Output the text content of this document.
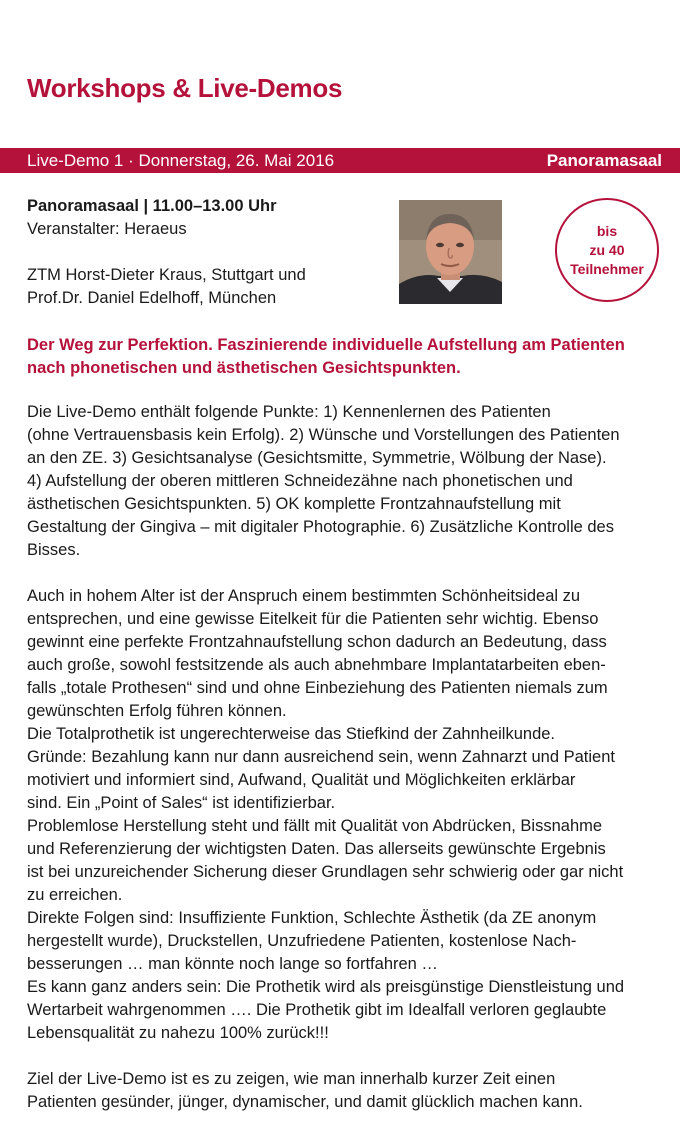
Workshops & Live-Demos
Live-Demo 1 · Donnerstag, 26. Mai 2016	Panoramasaal
Panoramasaal | 11.00–13.00 Uhr
Veranstalter: Heraeus
ZTM Horst-Dieter Kraus, Stuttgart und
Prof.Dr. Daniel Edelhoff, München
bis
zu 40
Teilnehmer
Der Weg zur Perfektion. Faszinierende individuelle Aufstellung am Patienten
nach phonetischen und ästhetischen Gesichtspunkten.
Die Live-Demo enthält folgende Punkte: 1) Kennenlernen des Patienten
(ohne Vertrauensbasis kein Erfolg). 2) Wünsche und Vorstellungen des Patienten
an den ZE. 3) Gesichtsanalyse (Gesichtsmitte, Symmetrie, Wölbung der Nase).
4) Aufstellung der oberen mittleren Schneidezähne nach phonetischen und
ästhetischen Gesichtspunkten. 5) OK komplette Frontzahnaufstellung mit
Gestaltung der Gingiva – mit digitaler Photographie. 6) Zusätzliche Kontrolle des
Bisses.
Auch in hohem Alter ist der Anspruch einem bestimmten Schönheitsideal zu
entsprechen, und eine gewisse Eitelkeit für die Patienten sehr wichtig. Ebenso
gewinnt eine perfekte Frontzahnaufstellung schon dadurch an Bedeutung, dass
auch große, sowohl festsitzende als auch abnehmbare Implantatarbeiten eben-
falls „totale Prothesen“ sind und ohne Einbeziehung des Patienten niemals zum
gewünschten Erfolg führen können.
Die Totalprothetik ist ungerechterweise das Stiefkind der Zahnheilkunde.
Gründe: Bezahlung kann nur dann ausreichend sein, wenn Zahnarzt und Patient
motiviert und informiert sind, Aufwand, Qualität und Möglichkeiten erklärbar
sind. Ein „Point of Sales“ ist identifizierbar.
Problemlose Herstellung steht und fällt mit Qualität von Abdrücken, Bissnahme
und Referenzierung der wichtigsten Daten. Das allerseits gewünschte Ergebnis
ist bei unzureichender Sicherung dieser Grundlagen sehr schwierig oder gar nicht
zu erreichen.
Direkte Folgen sind: Insuffiziente Funktion, Schlechte Ästhetik (da ZE anonym
hergestellt wurde), Druckstellen, Unzufriedene Patienten, kostenlose Nach-
besserungen … man könnte noch lange so fortfahren …
Es kann ganz anders sein: Die Prothetik wird als preisgünstige Dienstleistung und
Wertarbeit wahrgenommen …. Die Prothetik gibt im Idealfall verloren geglaubte
Lebensqualität zu nahezu 100% zurück!!!
Ziel der Live-Demo ist es zu zeigen, wie man innerhalb kurzer Zeit einen
Patienten gesünder, jünger, dynamischer, und damit glücklich machen kann.
